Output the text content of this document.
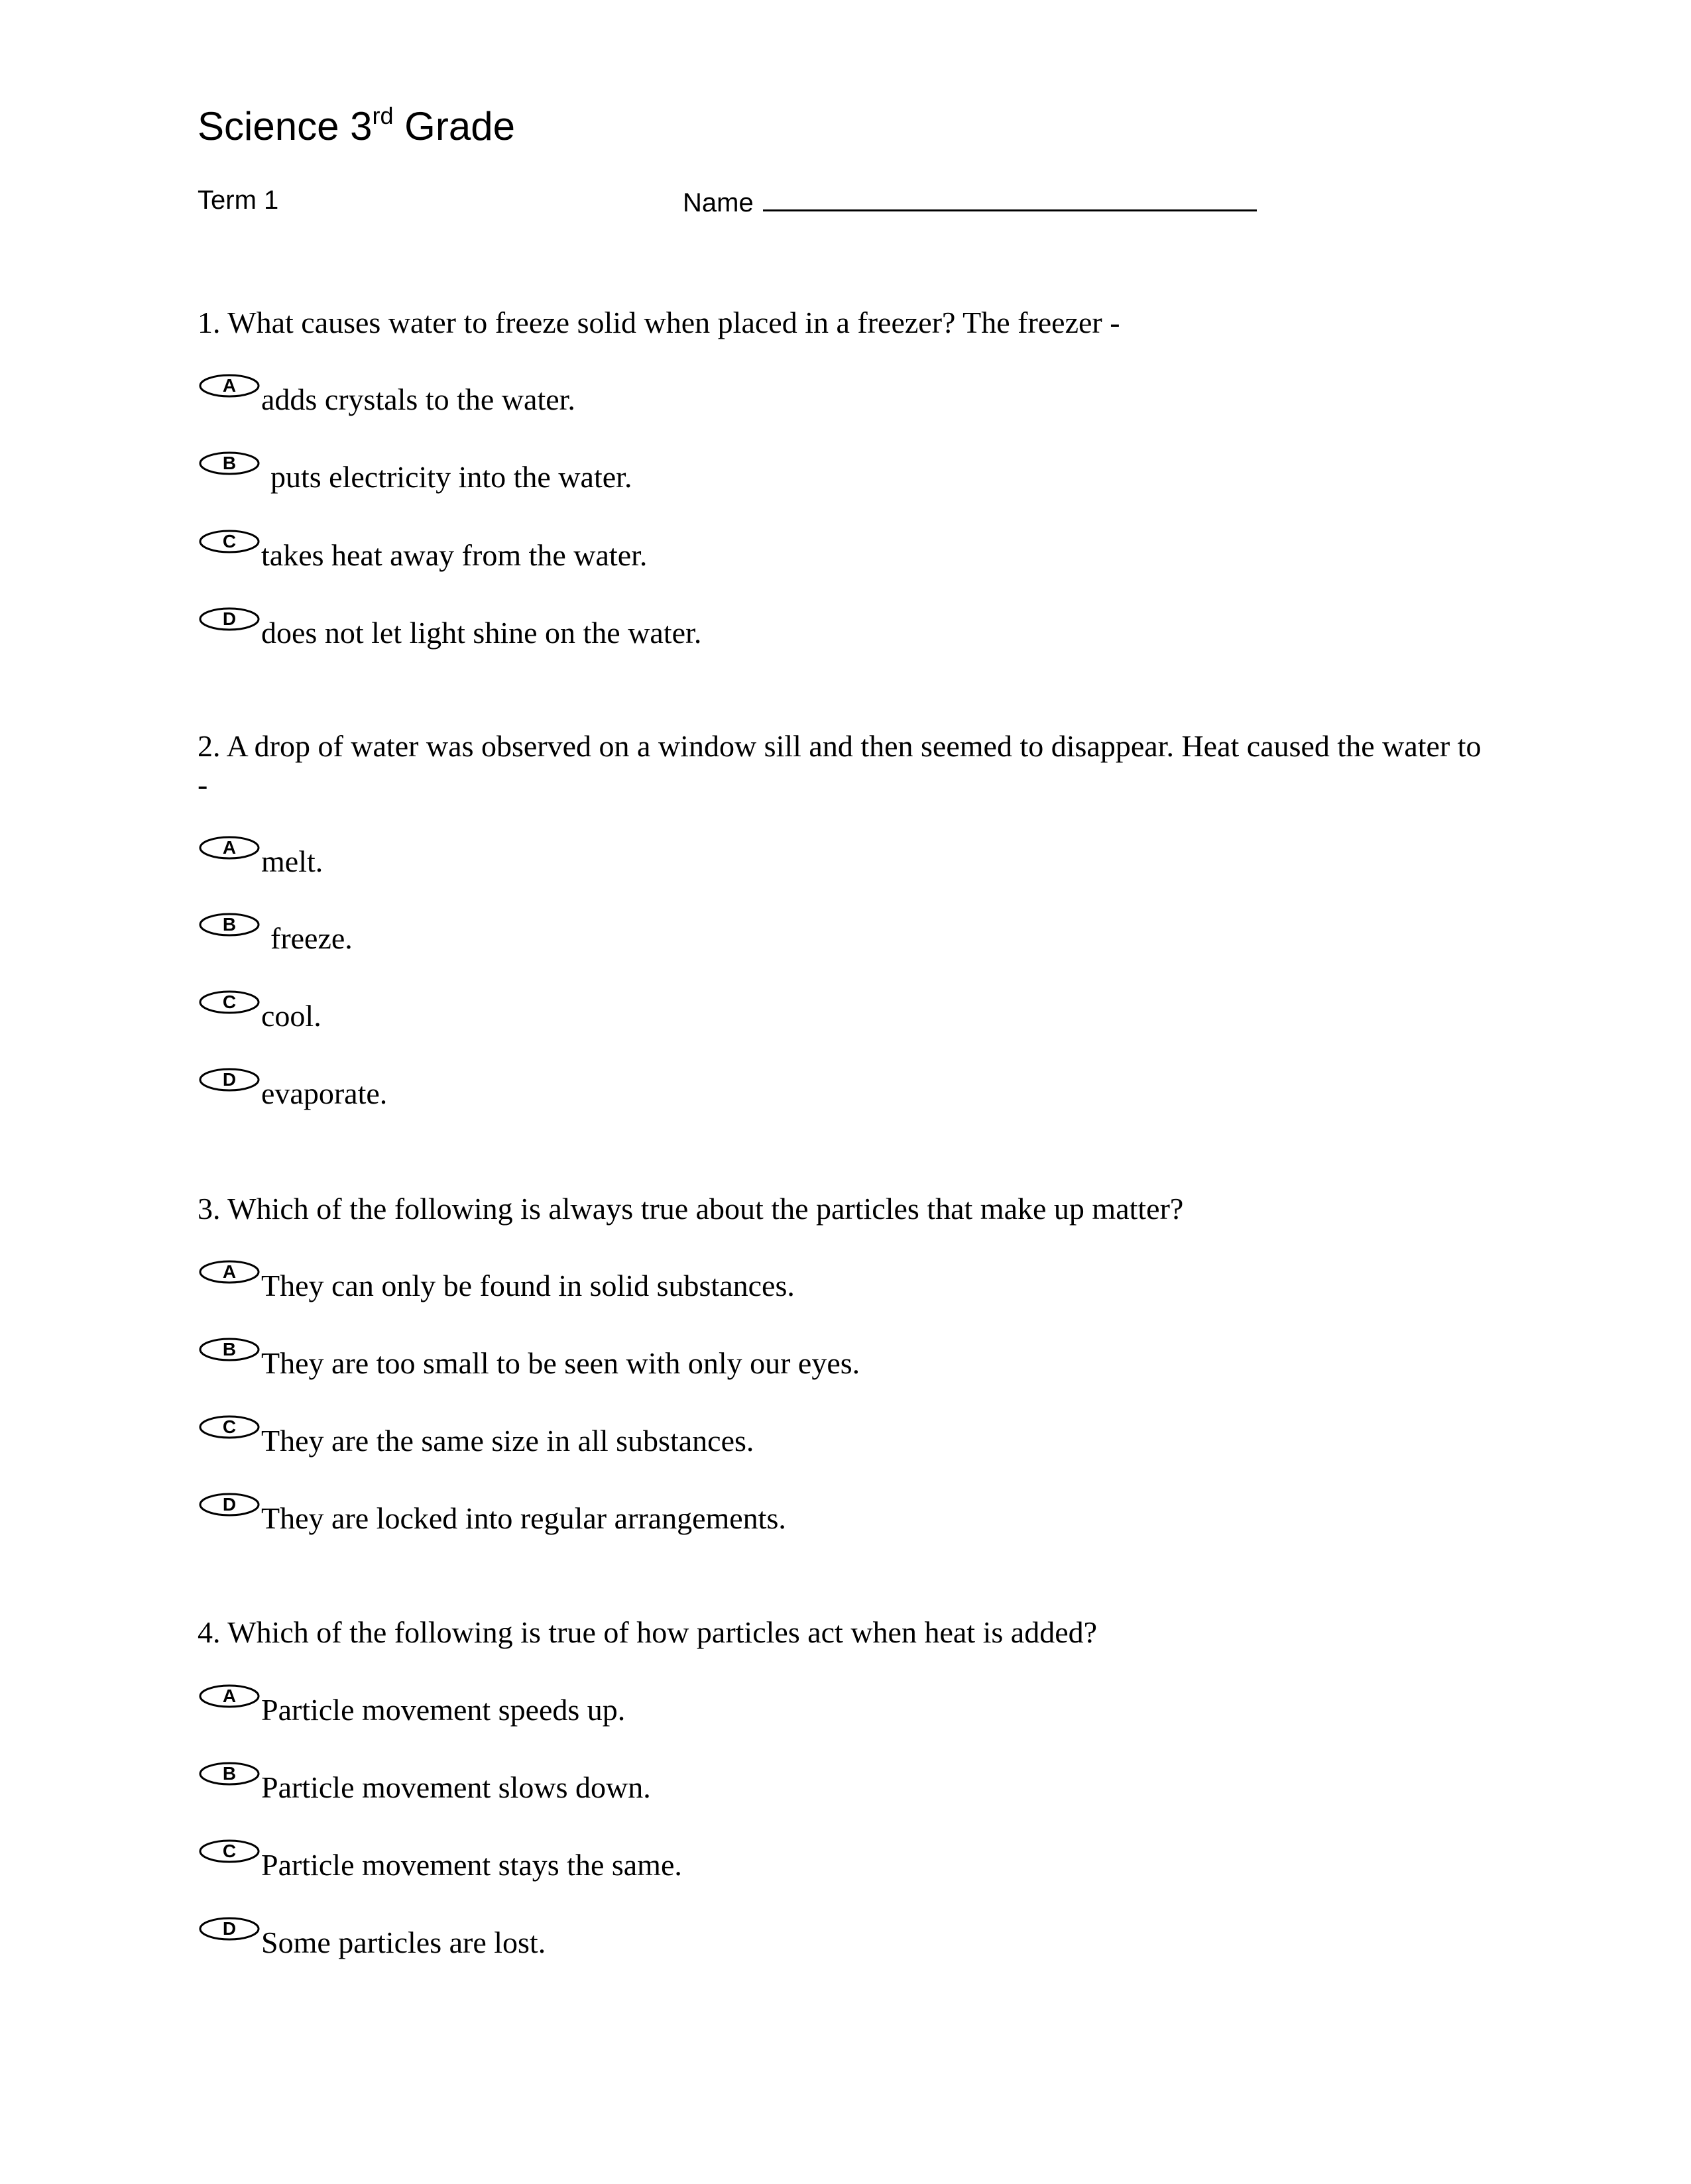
Science 3rd Grade
Term 1	Name
1. What causes water to freeze solid when placed in a freezer? The freezer -
A adds crystals to the water.
B puts electricity into the water.
C takes heat away from the water.
D does not let light shine on the water.
2. A drop of water was observed on a window sill and then seemed to disappear. Heat caused the water to -
A melt.
B freeze.
C cool.
D evaporate.
3. Which of the following is always true about the particles that make up matter?
A They can only be found in solid substances.
B They are too small to be seen with only our eyes.
C They are the same size in all substances.
D They are locked into regular arrangements.
4. Which of the following is true of how particles act when heat is added?
A Particle movement speeds up.
B Particle movement slows down.
C Particle movement stays the same.
D Some particles are lost.
